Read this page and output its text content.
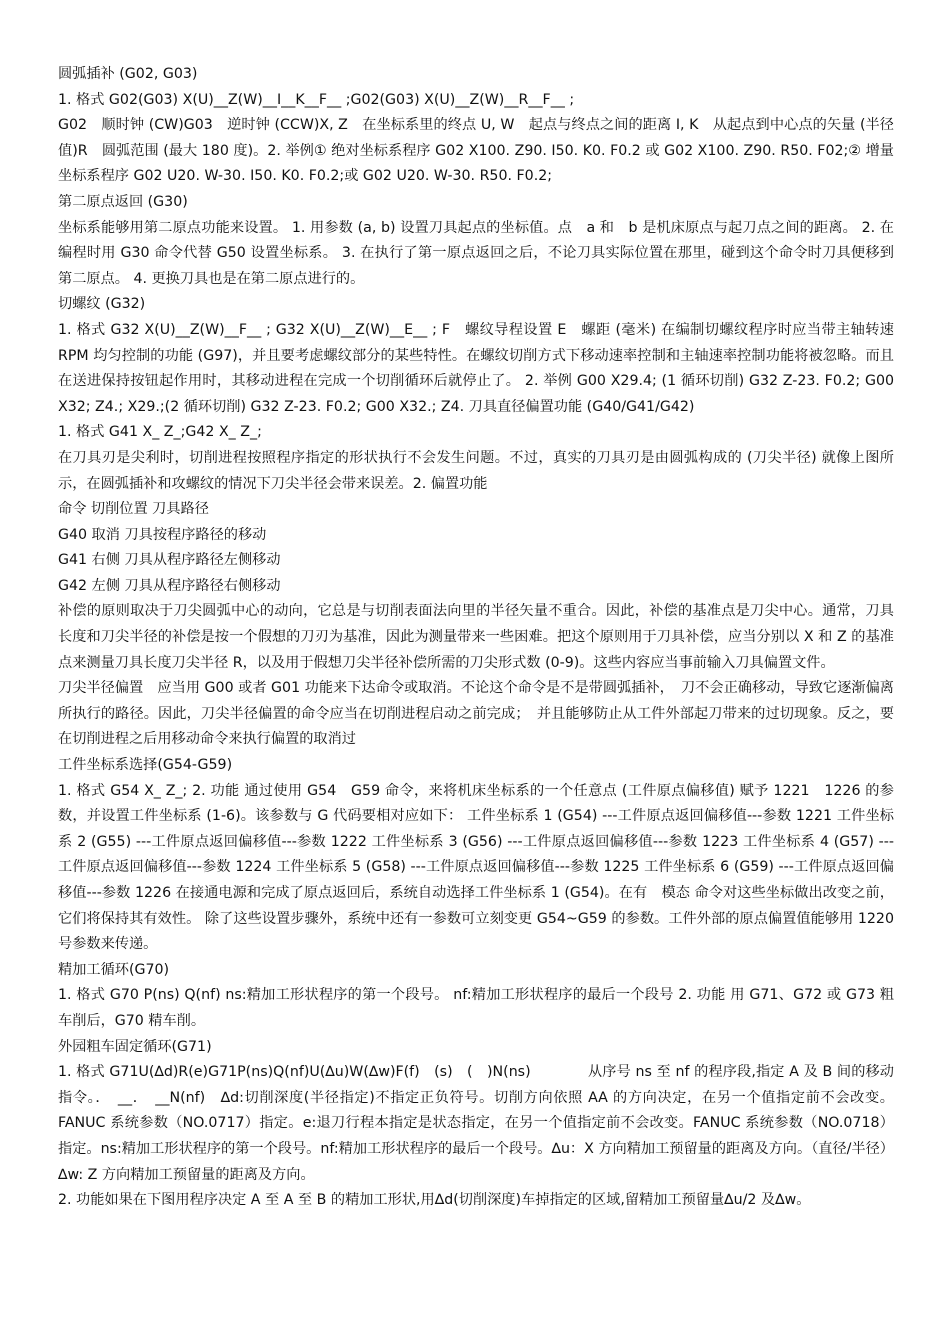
圆弧插补 (G02, G03)

1. 格式 G02(G03) X(U)__Z(W)__I__K__F__ ;G02(G03) X(U)__Z(W)__R__F__ ;

G02　顺时钟 (CW)G03　逆时钟 (CCW)X, Z　在坐标系里的终点 U, W　起点与终点之间的距离 I, K　从起点到中心点的矢量 (半径值)R　圆弧范围 (最大 180 度)。2. 举例① 绝对坐标系程序 G02 X100. Z90. I50. K0. F0.2 或 G02 X100. Z90. R50. F02;② 增量坐标系程序 G02 U20. W-30. I50. K0. F0.2;或 G02 U20. W-30. R50. F0.2;

第二原点返回 (G30)

坐标系能够用第二原点功能来设置。 1. 用参数 (a, b) 设置刀具起点的坐标值。点　a 和　b 是机床原点与起刀点之间的距离。 2. 在编程时用 G30 命令代替 G50 设置坐标系。 3. 在执行了第一原点返回之后，不论刀具实际位置在那里，碰到这个命令时刀具便移到第二原点。 4. 更换刀具也是在第二原点进行的。

切螺纹 (G32)

1. 格式 G32 X(U)__Z(W)__F__ ; G32 X(U)__Z(W)__E__ ; F　螺纹导程设置 E　螺距 (毫米) 在编制切螺纹程序时应当带主轴转速 RPM 均匀控制的功能 (G97)，并且要考虑螺纹部分的某些特性。在螺纹切削方式下移动速率控制和主轴速率控制功能将被忽略。而且在送进保持按钮起作用时，其移动进程在完成一个切削循环后就停止了。 2. 举例 G00 X29.4; (1 循环切削) G32 Z-23. F0.2; G00 X32; Z4.; X29.;(2 循环切削) G32 Z-23. F0.2; G00 X32.; Z4. 刀具直径偏置功能 (G40/G41/G42)

1. 格式 G41 X_ Z_;G42 X_ Z_;

在刀具刃是尖利时，切削进程按照程序指定的形状执行不会发生问题。不过，真实的刀具刃是由圆弧构成的 (刀尖半径) 就像上图所示，在圆弧插补和攻螺纹的情况下刀尖半径会带来误差。2. 偏置功能

命令 切削位置 刀具路径

G40 取消 刀具按程序路径的移动

G41 右侧 刀具从程序路径左侧移动

G42 左侧 刀具从程序路径右侧移动

补偿的原则取决于刀尖圆弧中心的动向，它总是与切削表面法向里的半径矢量不重合。因此，补偿的基准点是刀尖中心。通常，刀具长度和刀尖半径的补偿是按一个假想的刀刃为基准，因此为测量带来一些困难。把这个原则用于刀具补偿，应当分别以 X 和 Z 的基准点来测量刀具长度刀尖半径 R，以及用于假想刀尖半径补偿所需的刀尖形式数 (0-9)。这些内容应当事前输入刀具偏置文件。

刀尖半径偏置　应当用 G00 或者 G01 功能来下达命令或取消。不论这个命令是不是带圆弧插补，　刀不会正确移动，导致它逐渐偏离所执行的路径。因此，刀尖半径偏置的命令应当在切削进程启动之前完成；　并且能够防止从工件外部起刀带来的过切现象。反之，要在切削进程之后用移动命令来执行偏置的取消过

工件坐标系选择(G54-G59)

1. 格式 G54 X_ Z_; 2. 功能 通过使用 G54　G59 命令，来将机床坐标系的一个任意点 (工件原点偏移值) 赋予 1221　1226 的参数，并设置工件坐标系 (1-6)。该参数与 G 代码要相对应如下： 工件坐标系 1 (G54) ---工件原点返回偏移值---参数 1221 工件坐标系 2 (G55) ---工件原点返回偏移值---参数 1222 工件坐标系 3 (G56) ---工件原点返回偏移值---参数 1223 工件坐标系 4 (G57) ---工件原点返回偏移值---参数 1224 工件坐标系 5 (G58) ---工件原点返回偏移值---参数 1225 工件坐标系 6 (G59) ---工件原点返回偏移值---参数 1226 在接通电源和完成了原点返回后，系统自动选择工件坐标系 1 (G54)。在有　模态 命令对这些坐标做出改变之前，它们将保持其有效性。 除了这些设置步骤外，系统中还有一参数可立刻变更 G54~G59 的参数。工件外部的原点偏置值能够用 1220 号参数来传递。

精加工循环(G70)

1. 格式 G70 P(ns) Q(nf) ns:精加工形状程序的第一个段号。 nf:精加工形状程序的最后一个段号 2. 功能 用 G71、G72 或 G73 粗车削后，G70 精车削。

外园粗车固定循环(G71)

1. 格式 G71U(∆d)R(e)G71P(ns)Q(nf)U(∆u)W(∆w)F(f)　(s)　(　)N(ns)　　　　从序号 ns 至 nf 的程序段,指定 A 及 B 间的移动指令。．　__．　__N(nf)　∆d:切削深度(半径指定)不指定正负符号。切削方向依照 AA 的方向决定，在另一个值指定前不会改变。FANUC 系统参数（NO.0717）指定。e:退刀行程本指定是状态指定，在另一个值指定前不会改变。FANUC 系统参数（NO.0718）指定。ns:精加工形状程序的第一个段号。nf:精加工形状程序的最后一个段号。∆u：X 方向精加工预留量的距离及方向。（直径/半径）∆w: Z 方向精加工预留量的距离及方向。

2. 功能如果在下图用程序决定 A 至 A 至 B 的精加工形状,用∆d(切削深度)车掉指定的区域,留精加工预留量∆u/2 及∆w。
